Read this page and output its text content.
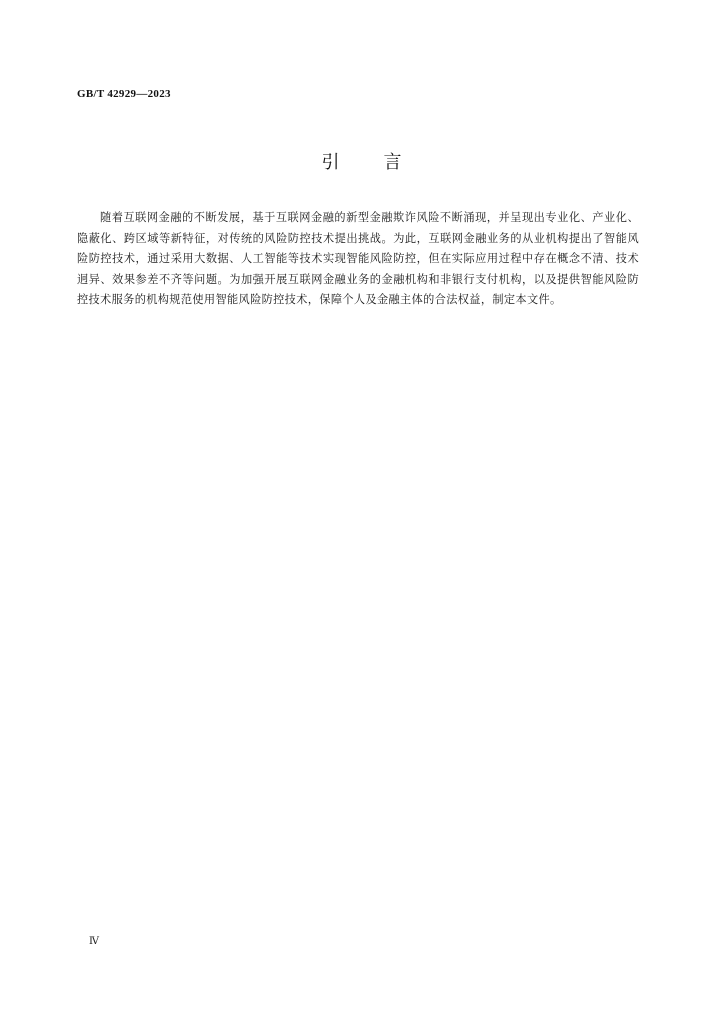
GB/T 42929—2023
引 言

随着互联网金融的不断发展，基于互联网金融的新型金融欺诈风险不断涌现，并呈现出专业化、产业化、隐蔽化、跨区域等新特征，对传统的风险防控技术提出挑战。为此，互联网金融业务的从业机构提出了智能风险防控技术，通过采用大数据、人工智能等技术实现智能风险防控，但在实际应用过程中存在概念不清、技术迥异、效果参差不齐等问题。为加强开展互联网金融业务的金融机构和非银行支付机构，以及提供智能风险防控技术服务的机构规范使用智能风险防控技术，保障个人及金融主体的合法权益，制定本文件。

Ⅳ
